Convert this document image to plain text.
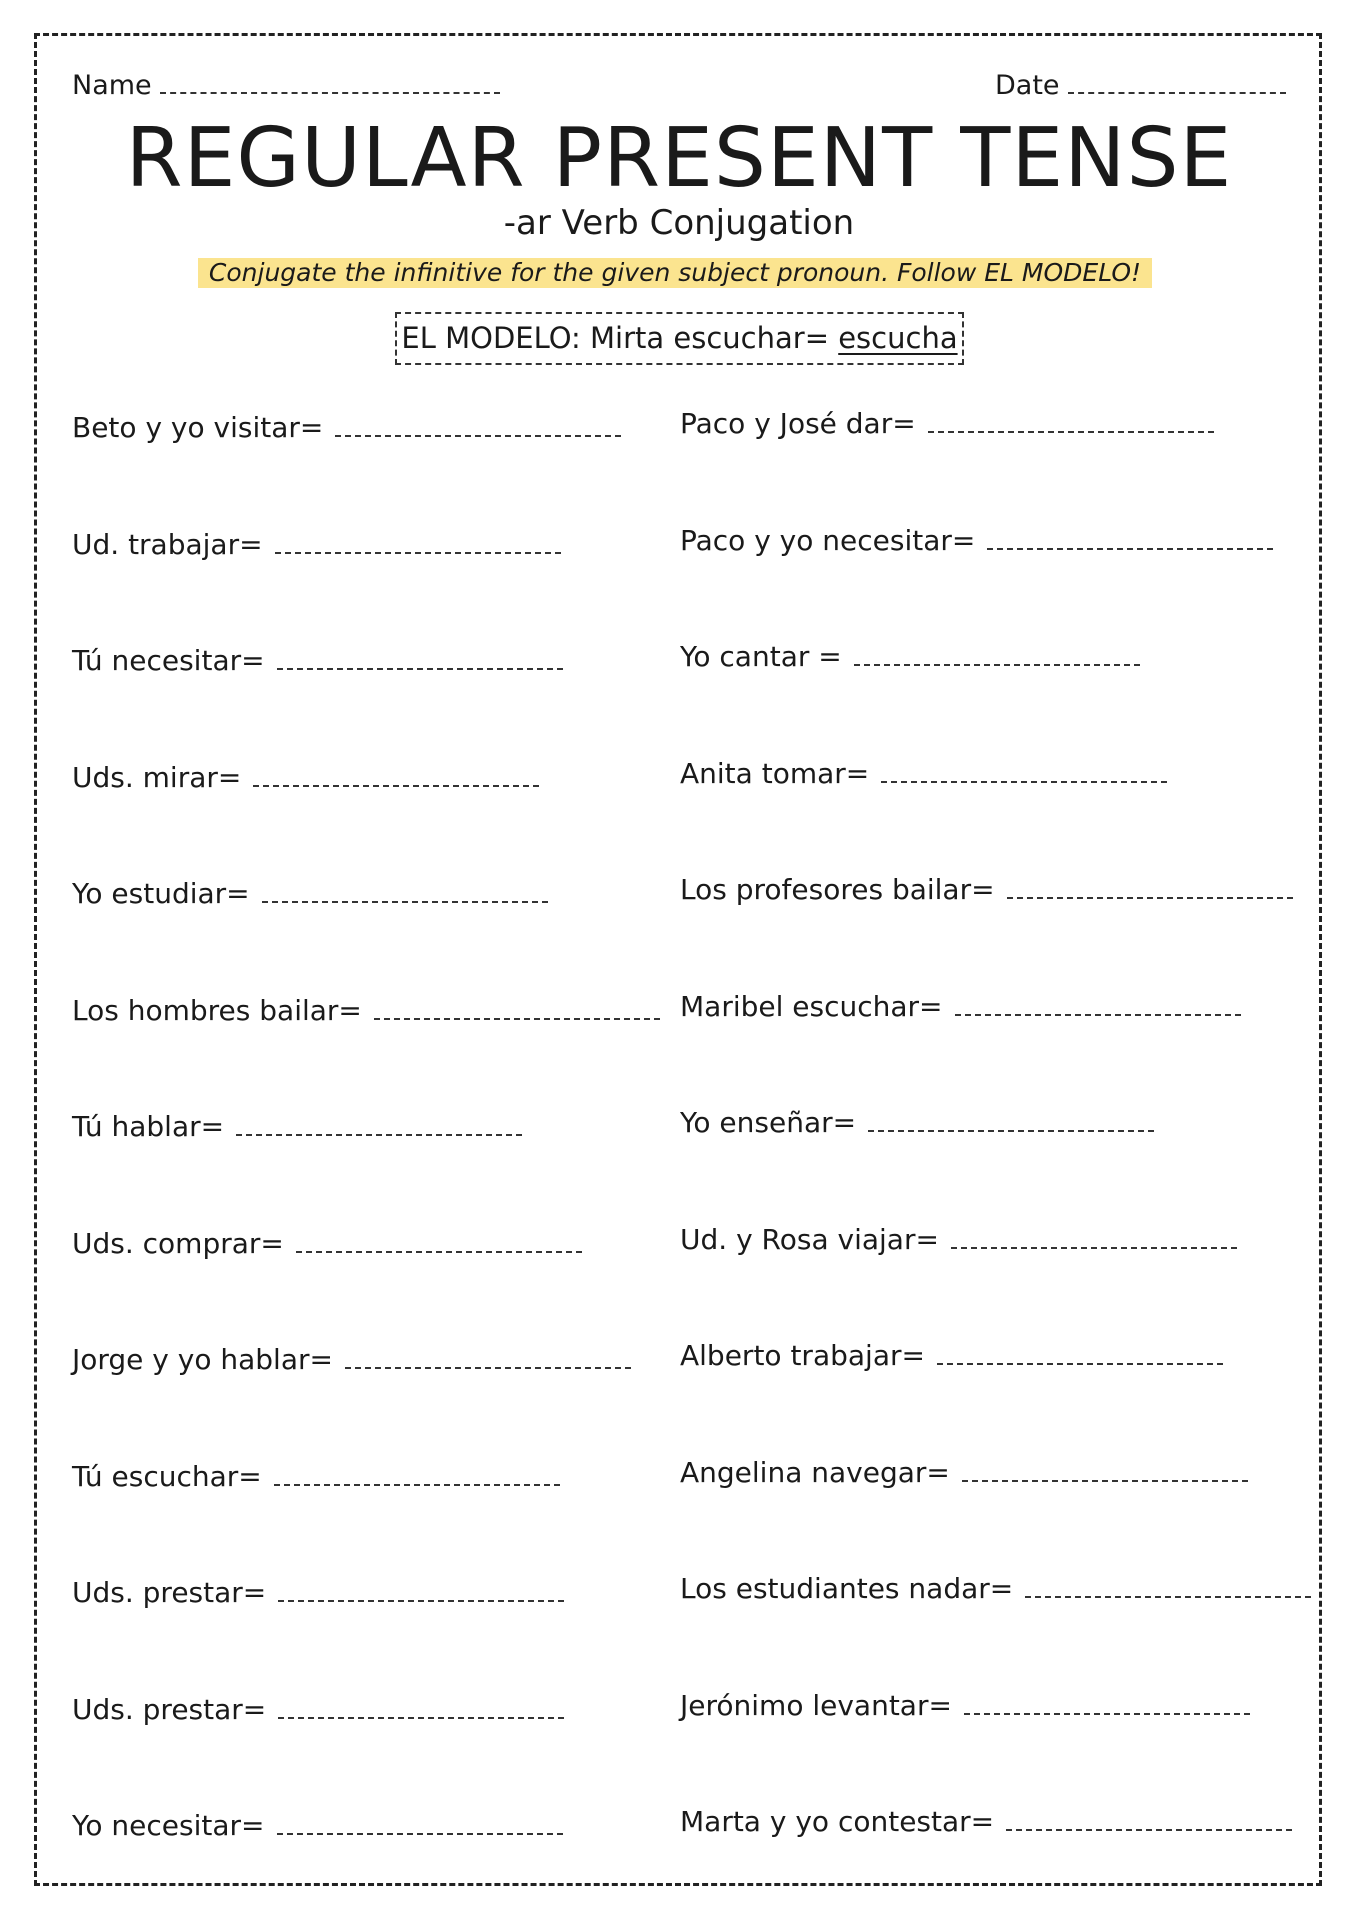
Name	Date
REGULAR PRESENT TENSE
-ar Verb Conjugation
Conjugate the infinitive for the given subject pronoun. Follow EL MODELO!
EL MODELO: Mirta escuchar= escucha
Beto y yo visitar=
Ud. trabajar=
Tú necesitar=
Uds. mirar=
Yo estudiar=
Los hombres bailar=
Tú hablar=
Uds. comprar=
Jorge y yo hablar=
Tú escuchar=
Uds. prestar=
Uds. prestar=
Yo necesitar=
Paco y José dar=
Paco y yo necesitar=
Yo cantar =
Anita tomar=
Los profesores bailar=
Maribel escuchar=
Yo enseñar=
Ud. y Rosa viajar=
Alberto trabajar=
Angelina navegar=
Los estudiantes nadar=
Jerónimo levantar=
Marta y yo contestar=
